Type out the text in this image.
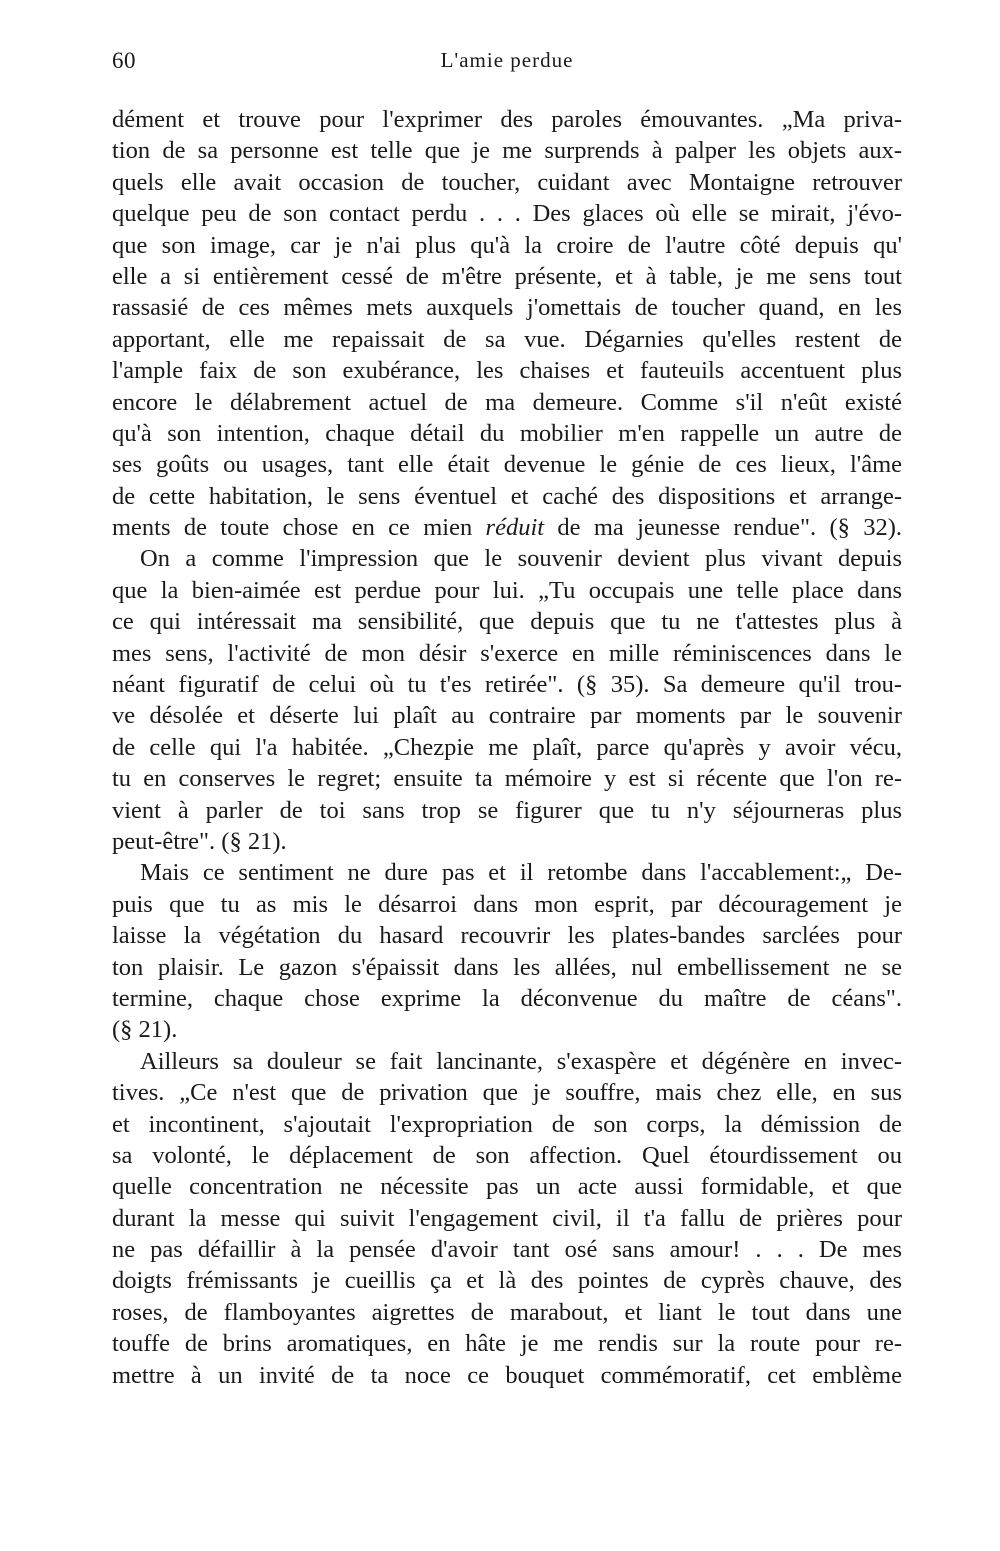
60	L'amie perdue
dément et trouve pour l'exprimer des paroles émouvantes. „Ma priva-
tion de sa personne est telle que je me surprends à palper les objets aux-
quels elle avait occasion de toucher, cuidant avec Montaigne retrouver
quelque peu de son contact perdu . . . Des glaces où elle se mirait, j'évo-
que son image, car je n'ai plus qu'à la croire de l'autre côté depuis qu'
elle a si entièrement cessé de m'être présente, et à table, je me sens tout
rassasié de ces mêmes mets auxquels j'omettais de toucher quand, en les
apportant, elle me repaissait de sa vue. Dégarnies qu'elles restent de
l'ample faix de son exubérance, les chaises et fauteuils accentuent plus
encore le délabrement actuel de ma demeure. Comme s'il n'eût existé
qu'à son intention, chaque détail du mobilier m'en rappelle un autre de
ses goûts ou usages, tant elle était devenue le génie de ces lieux, l'âme
de cette habitation, le sens éventuel et caché des dispositions et arrange-
ments de toute chose en ce mien réduit de ma jeunesse rendue". (§ 32).
On a comme l'impression que le souvenir devient plus vivant depuis
que la bien-aimée est perdue pour lui. „Tu occupais une telle place dans
ce qui intéressait ma sensibilité, que depuis que tu ne t'attestes plus à
mes sens, l'activité de mon désir s'exerce en mille réminiscences dans le
néant figuratif de celui où tu t'es retirée". (§ 35). Sa demeure qu'il trou-
ve désolée et déserte lui plaît au contraire par moments par le souvenir
de celle qui l'a habitée. „Chezpie me plaît, parce qu'après y avoir vécu,
tu en conserves le regret; ensuite ta mémoire y est si récente que l'on re-
vient à parler de toi sans trop se figurer que tu n'y séjourneras plus
peut-être". (§ 21).
Mais ce sentiment ne dure pas et il retombe dans l'accablement:„ De-
puis que tu as mis le désarroi dans mon esprit, par découragement je
laisse la végétation du hasard recouvrir les plates-bandes sarclées pour
ton plaisir. Le gazon s'épaissit dans les allées, nul embellissement ne se
termine, chaque chose exprime la déconvenue du maître de céans".
(§ 21).
Ailleurs sa douleur se fait lancinante, s'exaspère et dégénère en invec-
tives. „Ce n'est que de privation que je souffre, mais chez elle, en sus
et incontinent, s'ajoutait l'expropriation de son corps, la démission de
sa volonté, le déplacement de son affection. Quel étourdissement ou
quelle concentration ne nécessite pas un acte aussi formidable, et que
durant la messe qui suivit l'engagement civil, il t'a fallu de prières pour
ne pas défaillir à la pensée d'avoir tant osé sans amour! . . . De mes
doigts frémissants je cueillis ça et là des pointes de cyprès chauve, des
roses, de flamboyantes aigrettes de marabout, et liant le tout dans une
touffe de brins aromatiques, en hâte je me rendis sur la route pour re-
mettre à un invité de ta noce ce bouquet commémoratif, cet emblème
